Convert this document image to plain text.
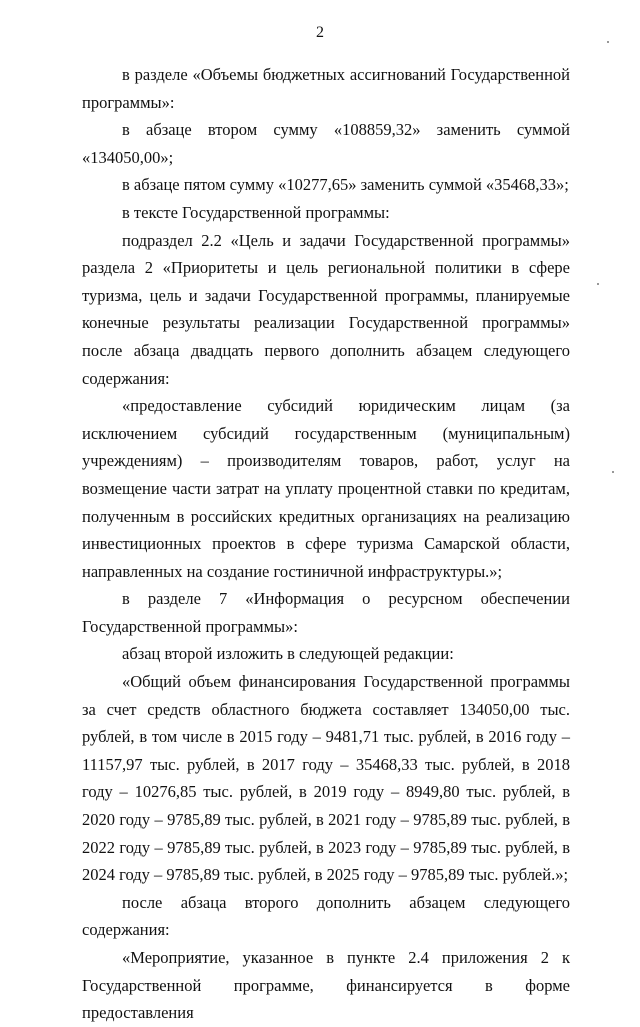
2

в разделе «Объемы бюджетных ассигнований Государственной программы»:

в абзаце втором сумму «108859,32» заменить суммой «134050,00»;

в абзаце пятом сумму «10277,65» заменить суммой «35468,33»;

в тексте Государственной программы:

подраздел 2.2 «Цель и задачи Государственной программы» раздела 2 «Приоритеты и цель региональной политики в сфере туризма, цель и задачи Государственной программы, планируемые конечные результаты реализации Государственной программы» после абзаца двадцать первого дополнить абзацем следующего содержания:

«предоставление субсидий юридическим лицам (за исключением субсидий государственным (муниципальным) учреждениям) – производителям товаров, работ, услуг на возмещение части затрат на уплату процентной ставки по кредитам, полученным в российских кредитных организациях на реализацию инвестиционных проектов в сфере туризма Самарской области, направленных на создание гостиничной инфраструктуры.»;

в разделе 7 «Информация о ресурсном обеспечении Государственной программы»:

абзац второй изложить в следующей редакции:

«Общий объем финансирования Государственной программы за счет средств областного бюджета составляет 134050,00 тыс. рублей, в том числе в 2015 году – 9481,71 тыс. рублей, в 2016 году – 11157,97 тыс. рублей, в 2017 году – 35468,33 тыс. рублей, в 2018 году – 10276,85 тыс. рублей, в 2019 году – 8949,80 тыс. рублей, в 2020 году – 9785,89 тыс. рублей, в 2021 году – 9785,89 тыс. рублей, в 2022 году – 9785,89 тыс. рублей, в 2023 году – 9785,89 тыс. рублей, в 2024 году – 9785,89 тыс. рублей, в 2025 году – 9785,89 тыс. рублей.»;

после абзаца второго дополнить абзацем следующего содержания:

«Мероприятие, указанное в пункте 2.4 приложения 2 к Государственной программе, финансируется в форме предоставления
